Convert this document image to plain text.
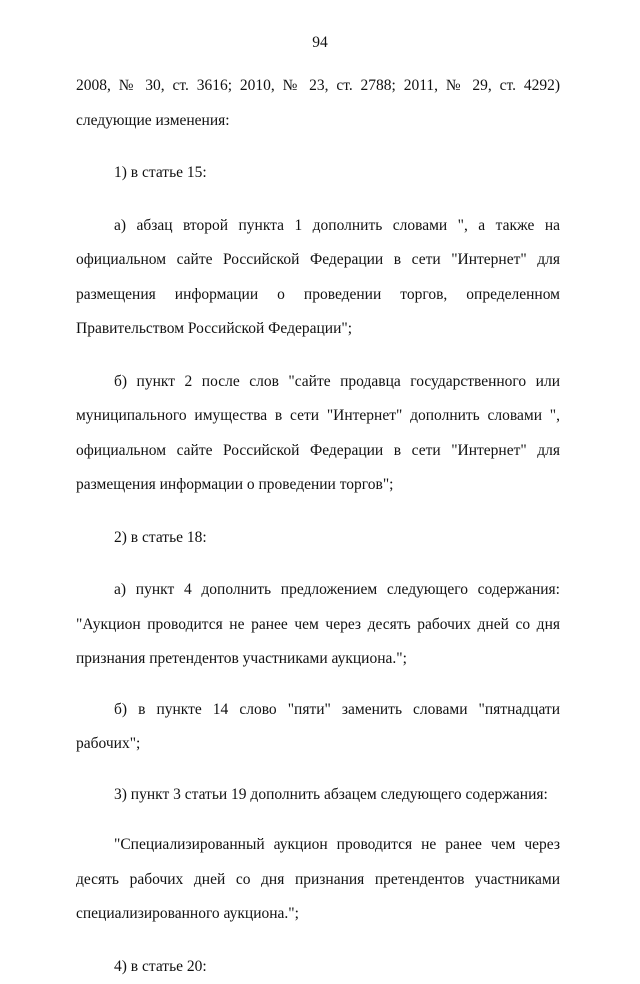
94

2008, № 30, ст. 3616; 2010, № 23, ст. 2788; 2011, № 29, ст. 4292) следующие изменения:

1) в статье 15:

а) абзац второй пункта 1 дополнить словами ", а также на официальном сайте Российской Федерации в сети "Интернет" для размещения информации о проведении торгов, определенном Правительством Российской Федерации";

б) пункт 2 после слов "сайте продавца государственного или муниципального имущества в сети "Интернет" дополнить словами ", официальном сайте Российской Федерации в сети "Интернет" для размещения информации о проведении торгов";

2) в статье 18:

а) пункт 4 дополнить предложением следующего содержания: "Аукцион проводится не ранее чем через десять рабочих дней со дня признания претендентов участниками аукциона.";

б) в пункте 14 слово "пяти" заменить словами "пятнадцати рабочих";

3) пункт 3 статьи 19 дополнить абзацем следующего содержания:

"Специализированный аукцион проводится не ранее чем через десять рабочих дней со дня признания претендентов участниками специализированного аукциона.";

4) в статье 20:
